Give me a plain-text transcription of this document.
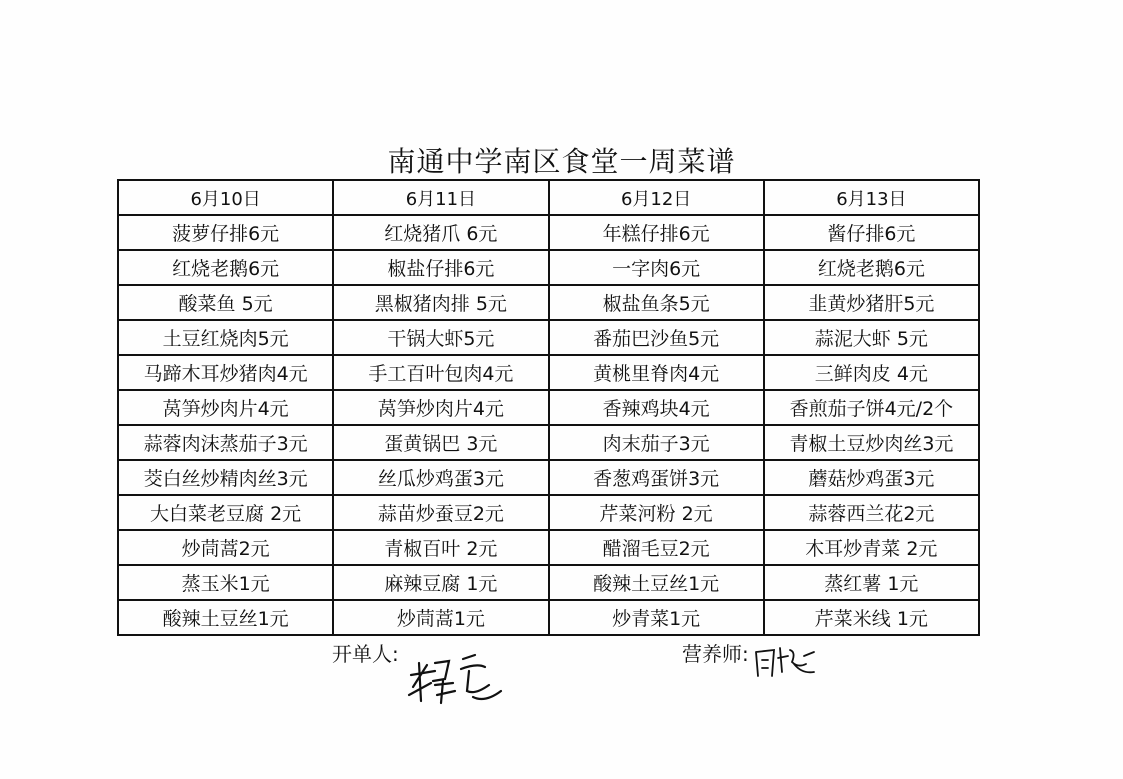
南通中学南区食堂一周菜谱
6月10日	6月11日	6月12日	6月13日
菠萝仔排6元	红烧猪爪 6元	年糕仔排6元	酱仔排6元
红烧老鹅6元	椒盐仔排6元	一字肉6元	红烧老鹅6元
酸菜鱼 5元	黑椒猪肉排 5元	椒盐鱼条5元	韭黄炒猪肝5元
土豆红烧肉5元	干锅大虾5元	番茄巴沙鱼5元	蒜泥大虾 5元
马蹄木耳炒猪肉4元	手工百叶包肉4元	黄桃里脊肉4元	三鲜肉皮 4元
莴笋炒肉片4元	莴笋炒肉片4元	香辣鸡块4元	香煎茄子饼4元/2个
蒜蓉肉沫蒸茄子3元	蛋黄锅巴 3元	肉末茄子3元	青椒土豆炒肉丝3元
茭白丝炒精肉丝3元	丝瓜炒鸡蛋3元	香葱鸡蛋饼3元	蘑菇炒鸡蛋3元
大白菜老豆腐 2元	蒜苗炒蚕豆2元	芹菜河粉 2元	蒜蓉西兰花2元
炒茼蒿2元	青椒百叶 2元	醋溜毛豆2元	木耳炒青菜 2元
蒸玉米1元	麻辣豆腐 1元	酸辣土豆丝1元	蒸红薯 1元
酸辣土豆丝1元	炒茼蒿1元	炒青菜1元	芹菜米线 1元
开单人:	营养师:
